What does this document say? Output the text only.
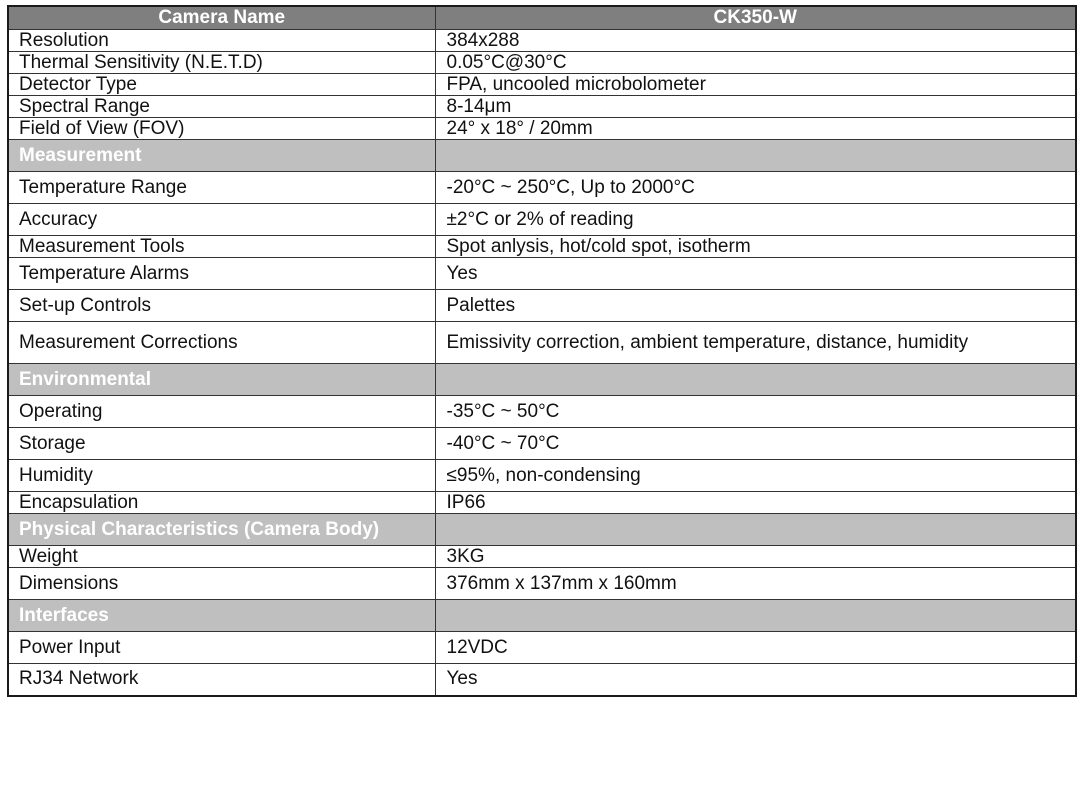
Camera Name	CK350-W
Resolution	384x288
Thermal Sensitivity (N.E.T.D)	0.05°C@30°C
Detector Type	FPA, uncooled microbolometer
Spectral Range	8-14μm
Field of View (FOV)	24° x 18° / 20mm
Measurement	
Temperature Range	-20°C ~ 250°C, Up to 2000°C
Accuracy	±2°C or 2% of reading
Measurement Tools	Spot anlysis, hot/cold spot, isotherm
Temperature Alarms	Yes
Set-up Controls	Palettes
Measurement Corrections	Emissivity correction, ambient temperature, distance, humidity
Environmental	
Operating	-35°C ~ 50°C
Storage	-40°C ~ 70°C
Humidity	≤95%, non-condensing
Encapsulation	IP66
Physical Characteristics (Camera Body)	
Weight	3KG
Dimensions	376mm x 137mm x 160mm
Interfaces	
Power Input	12VDC
RJ34 Network	Yes
